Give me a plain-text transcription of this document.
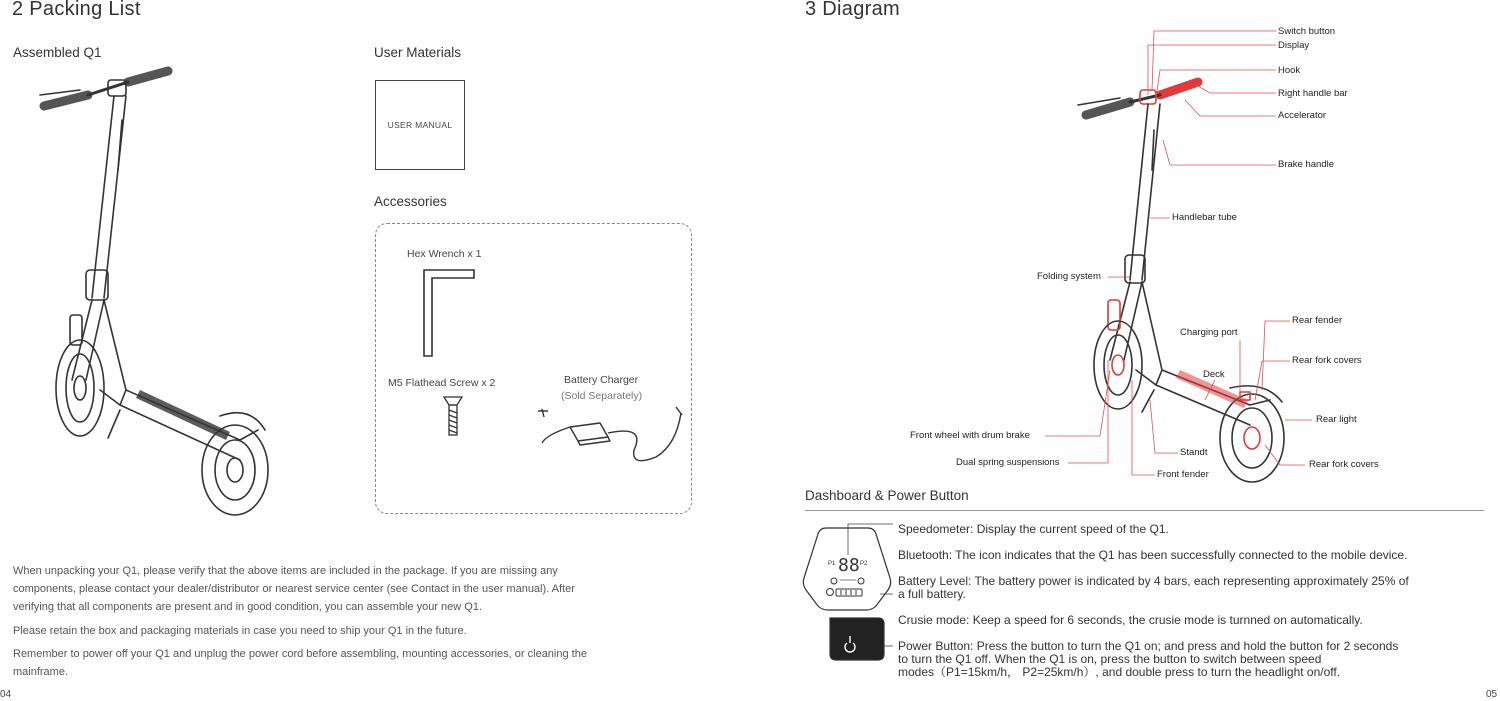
2 Packing List
Assembled Q1	User Materials
USER MANUAL
Accessories
Hex Wrench x 1
M5 Flathead Screw x 2	Battery Charger
(Sold Separately)
When unpacking your Q1, please verify that the above items are included in the package. If you are missing any
components, please contact your dealer/distributor or nearest service center (see Contact in the user manual). After
verifying that all components are present and in good condition, you can assemble your new Q1.
Please retain the box and packaging materials in case you need to ship your Q1 in the future.
Remember to power off your Q1 and unplug the power cord before assembling, mounting accessories, or cleaning the
mainframe.
04
3 Diagram
Switch button
Display
Hook
Right handle bar
Accelerator
Brake handle
Handlebar tube
Folding system
Rear fender
Charging port
Rear fork covers
Deck
Rear light
Front wheel with drum brake
Standt
Dual spring suspensions
Front fender
Rear fork covers
Dashboard & Power Button
88
P1	P2
Speedometer: Display the current speed of the Q1.
Bluetooth: The icon indicates that the Q1 has been successfully connected to the mobile device.
Battery Level: The battery power is indicated by 4 bars, each representing approximately 25% of
a full battery.
Crusie mode: Keep a speed for 6 seconds, the crusie mode is turnned on automatically.
Power Button: Press the button to turn the Q1 on; and press and hold the button for 2 seconds
to turn the Q1 off. When the Q1 is on, press the button to switch between speed
modes（P1=15km/h， P2=25km/h）, and double press to turn the headlight on/off.
05
